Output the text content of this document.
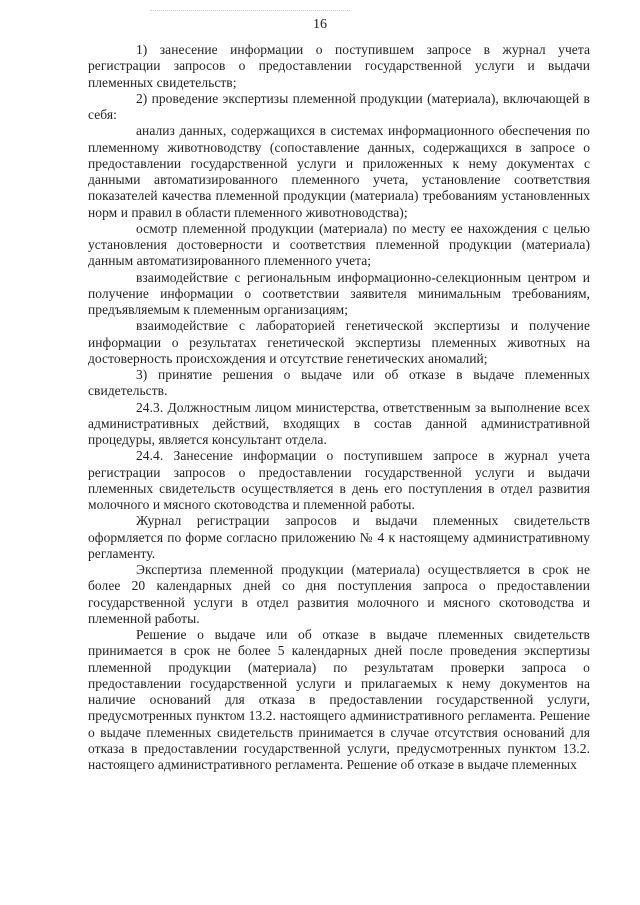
16

1) занесение информации о поступившем запросе в журнал учета регистрации запросов о предоставлении государственной услуги и выдачи племенных свидетельств;

2) проведение экспертизы племенной продукции (материала), включающей в себя:

анализ данных, содержащихся в системах информационного обеспечения по племенному животноводству (сопоставление данных, содержащихся в запросе о предоставлении государственной услуги и приложенных к нему документах с данными автоматизированного племенного учета, установление соответствия показателей качества племенной продукции (материала) требованиям установленных норм и правил в области племенного животноводства);

осмотр племенной продукции (материала) по месту ее нахождения с целью установления достоверности и соответствия племенной продукции (материала) данным автоматизированного племенного учета;

взаимодействие с региональным информационно-селекционным центром и получение информации о соответствии заявителя минимальным требованиям, предъявляемым к племенным организациям;

взаимодействие с лабораторией генетической экспертизы и получение информации о результатах генетической экспертизы племенных животных на достоверность происхождения и отсутствие генетических аномалий;

3) принятие решения о выдаче или об отказе в выдаче племенных свидетельств.

24.3. Должностным лицом министерства, ответственным за выполнение всех административных действий, входящих в состав данной административной процедуры, является консультант отдела.

24.4. Занесение информации о поступившем запросе в журнал учета регистрации запросов о предоставлении государственной услуги и выдачи племенных свидетельств осуществляется в день его поступления в отдел развития молочного и мясного скотоводства и племенной работы.

Журнал регистрации запросов и выдачи племенных свидетельств оформляется по форме согласно приложению № 4 к настоящему административному регламенту.

Экспертиза племенной продукции (материала) осуществляется в срок не более 20 календарных дней со дня поступления запроса о предоставлении государственной услуги в отдел развития молочного и мясного скотоводства и племенной работы.

Решение о выдаче или об отказе в выдаче племенных свидетельств принимается в срок не более 5 календарных дней после проведения экспертизы племенной продукции (материала) по результатам проверки запроса о предоставлении государственной услуги и прилагаемых к нему документов на наличие оснований для отказа в предоставлении государственной услуги, предусмотренных пунктом 13.2. настоящего административного регламента. Решение о выдаче племенных свидетельств принимается в случае отсутствия оснований для отказа в предоставлении государственной услуги, предусмотренных пунктом 13.2. настоящего административного регламента. Решение об отказе в выдаче племенных
